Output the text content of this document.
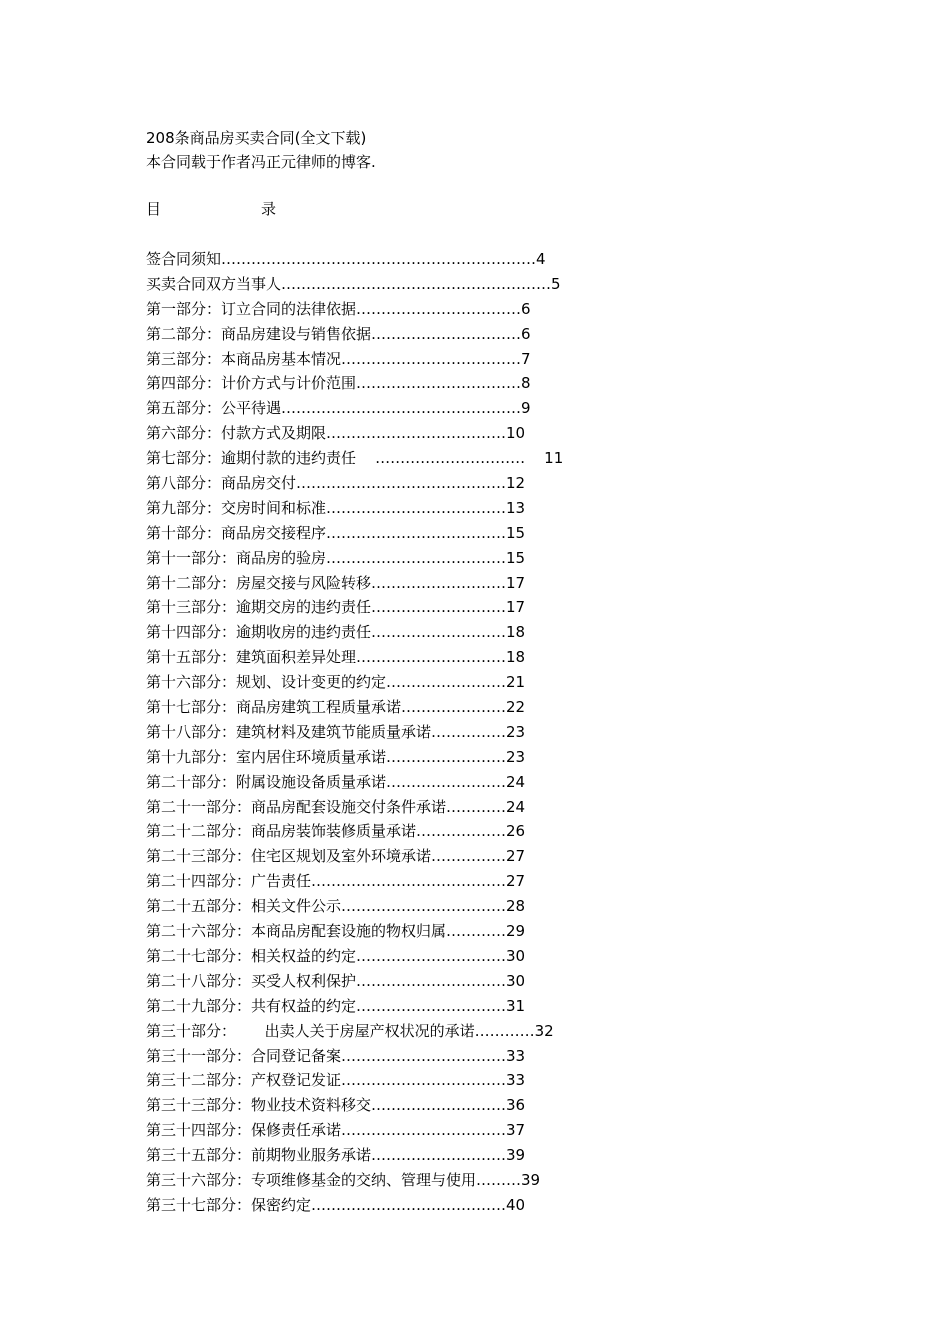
208条商品房买卖合同(全文下载)
本合同载于作者冯正元律师的博客.
目	录
签合同须知………………………………………………………4
买卖合同双方当事人………………………………………………5
第一部分：订立合同的法律依据……………………………6
第二部分：商品房建设与销售依据…………………………6
第三部分：本商品房基本情况………………………………7
第四部分：计价方式与计价范围……………………………8
第五部分：公平待遇…………………………………………9
第六部分：付款方式及期限………………………………10
第七部分：逾期付款的违约责任    …………………………    11
第八部分：商品房交付……………………………………12
第九部分：交房时间和标准………………………………13
第十部分：商品房交接程序………………………………15
第十一部分：商品房的验房………………………………15
第十二部分：房屋交接与风险转移………………………17
第十三部分：逾期交房的违约责任………………………17
第十四部分：逾期收房的违约责任………………………18
第十五部分：建筑面积差异处理…………………………18
第十六部分：规划、设计变更的约定……………………21
第十七部分：商品房建筑工程质量承诺…………………22
第十八部分：建筑材料及建筑节能质量承诺……………23
第十九部分：室内居住环境质量承诺……………………23
第二十部分：附属设施设备质量承诺……………………24
第二十一部分：商品房配套设施交付条件承诺…………24
第二十二部分：商品房装饰装修质量承诺………………26
第二十三部分：住宅区规划及室外环境承诺……………27
第二十四部分：广告责任…………………………………27
第二十五部分：相关文件公示……………………………28
第二十六部分：本商品房配套设施的物权归属…………29
第二十七部分：相关权益的约定…………………………30
第二十八部分：买受人权利保护…………………………30
第二十九部分：共有权益的约定…………………………31
第三十部分：      出卖人关于房屋产权状况的承诺…………32
第三十一部分：合同登记备案……………………………33
第三十二部分：产权登记发证……………………………33
第三十三部分：物业技术资料移交………………………36
第三十四部分：保修责任承诺……………………………37
第三十五部分：前期物业服务承诺………………………39
第三十六部分：专项维修基金的交纳、管理与使用………39
第三十七部分：保密约定…………………………………40
